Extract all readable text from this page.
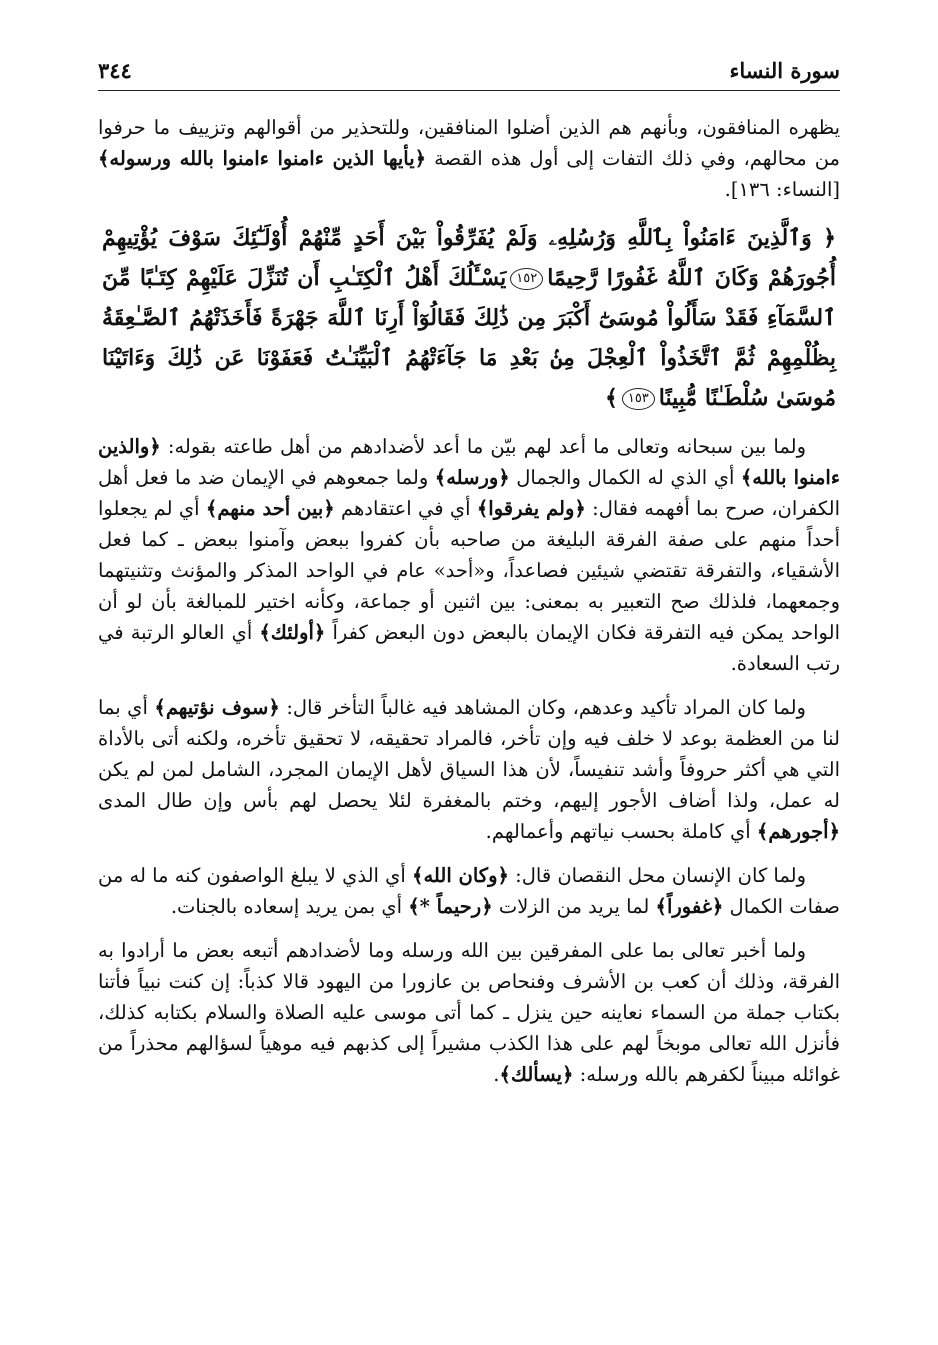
٣٤٤	سورة النساء

يظهره المنافقون، وبأنهم هم الذين أضلوا المنافقين، وللتحذير من أقوالهم وتزييف ما حرفوا من محالهم، وفي ذلك التفات إلى أول هذه القصة ﴿يأيها الذين ءامنوا ءامنوا بالله ورسوله﴾ [النساء: ١٣٦].

﴿ وَٱلَّذِينَ ءَامَنُواْ بِٱللَّهِ وَرُسُلِهِۦ وَلَمْ يُفَرِّقُواْ بَيْنَ أَحَدٍ مِّنْهُمْ أُوْلَـٰٓئِكَ سَوْفَ يُؤْتِيهِمْ أُجُورَهُمْ وَكَانَ ٱللَّهُ غَفُورًا رَّحِيمًا١٥٢يَسْـَٔلُكَ أَهْلُ ٱلْكِتَـٰبِ أَن تُنَزِّلَ عَلَيْهِمْ كِتَـٰبًا مِّنَ ٱلسَّمَآءِ فَقَدْ سَأَلُواْ مُوسَىٰٓ أَكْبَرَ مِن ذَٰلِكَ فَقَالُوٓاْ أَرِنَا ٱللَّهَ جَهْرَةً فَأَخَذَتْهُمُ ٱلصَّـٰعِقَةُ بِظُلْمِهِمْ ثُمَّ ٱتَّخَذُواْ ٱلْعِجْلَ مِنۢ بَعْدِ مَا جَآءَتْهُمُ ٱلْبَيِّنَـٰتُ فَعَفَوْنَا عَن ذَٰلِكَ وَءَاتَيْنَا مُوسَىٰ سُلْطَـٰنًا مُّبِينًا١٥٣﴾

ولما بين سبحانه وتعالى ما أعد لهم بيّن ما أعد لأضدادهم من أهل طاعته بقوله: ﴿والذين ءامنوا بالله﴾ أي الذي له الكمال والجمال ﴿ورسله﴾ ولما جمعوهم في الإيمان ضد ما فعل أهل الكفران، صرح بما أفهمه فقال: ﴿ولم يفرقوا﴾ أي في اعتقادهم ﴿بين أحد منهم﴾ أي لم يجعلوا أحداً منهم على صفة الفرقة البليغة من صاحبه بأن كفروا ببعض وآمنوا ببعض ـ كما فعل الأشقياء، والتفرقة تقتضي شيئين فصاعداً، و«أحد» عام في الواحد المذكر والمؤنث وتثنيتهما وجمعهما، فلذلك صح التعبير به بمعنى: بين اثنين أو جماعة، وكأنه اختير للمبالغة بأن لو أن الواحد يمكن فيه التفرقة فكان الإيمان بالبعض دون البعض كفراً ﴿أولئك﴾ أي العالو الرتبة في رتب السعادة.

ولما كان المراد تأكيد وعدهم، وكان المشاهد فيه غالباً التأخر قال: ﴿سوف نؤتيهم﴾ أي بما لنا من العظمة بوعد لا خلف فيه وإن تأخر، فالمراد تحقيقه، لا تحقيق تأخره، ولكنه أتى بالأداة التي هي أكثر حروفاً وأشد تنفيساً، لأن هذا السياق لأهل الإيمان المجرد، الشامل لمن لم يكن له عمل، ولذا أضاف الأجور إليهم، وختم بالمغفرة لئلا يحصل لهم بأس وإن طال المدى ﴿أجورهم﴾ أي كاملة بحسب نياتهم وأعمالهم.

ولما كان الإنسان محل النقصان قال: ﴿وكان الله﴾ أي الذي لا يبلغ الواصفون كنه ما له من صفات الكمال ﴿غفوراً﴾ لما يريد من الزلات ﴿رحيماً *﴾ أي بمن يريد إسعاده بالجنات.

ولما أخبر تعالى بما على المفرقين بين الله ورسله وما لأضدادهم أتبعه بعض ما أرادوا به الفرقة، وذلك أن كعب بن الأشرف وفنحاص بن عازورا من اليهود قالا كذباً: إن كنت نبياً فأتنا بكتاب جملة من السماء نعاينه حين ينزل ـ كما أتى موسى عليه الصلاة والسلام بكتابه كذلك، فأنزل الله تعالى موبخاً لهم على هذا الكذب مشيراً إلى كذبهم فيه موهياً لسؤالهم محذراً من غوائله مبيناً لكفرهم بالله ورسله: ﴿يسألك﴾.
